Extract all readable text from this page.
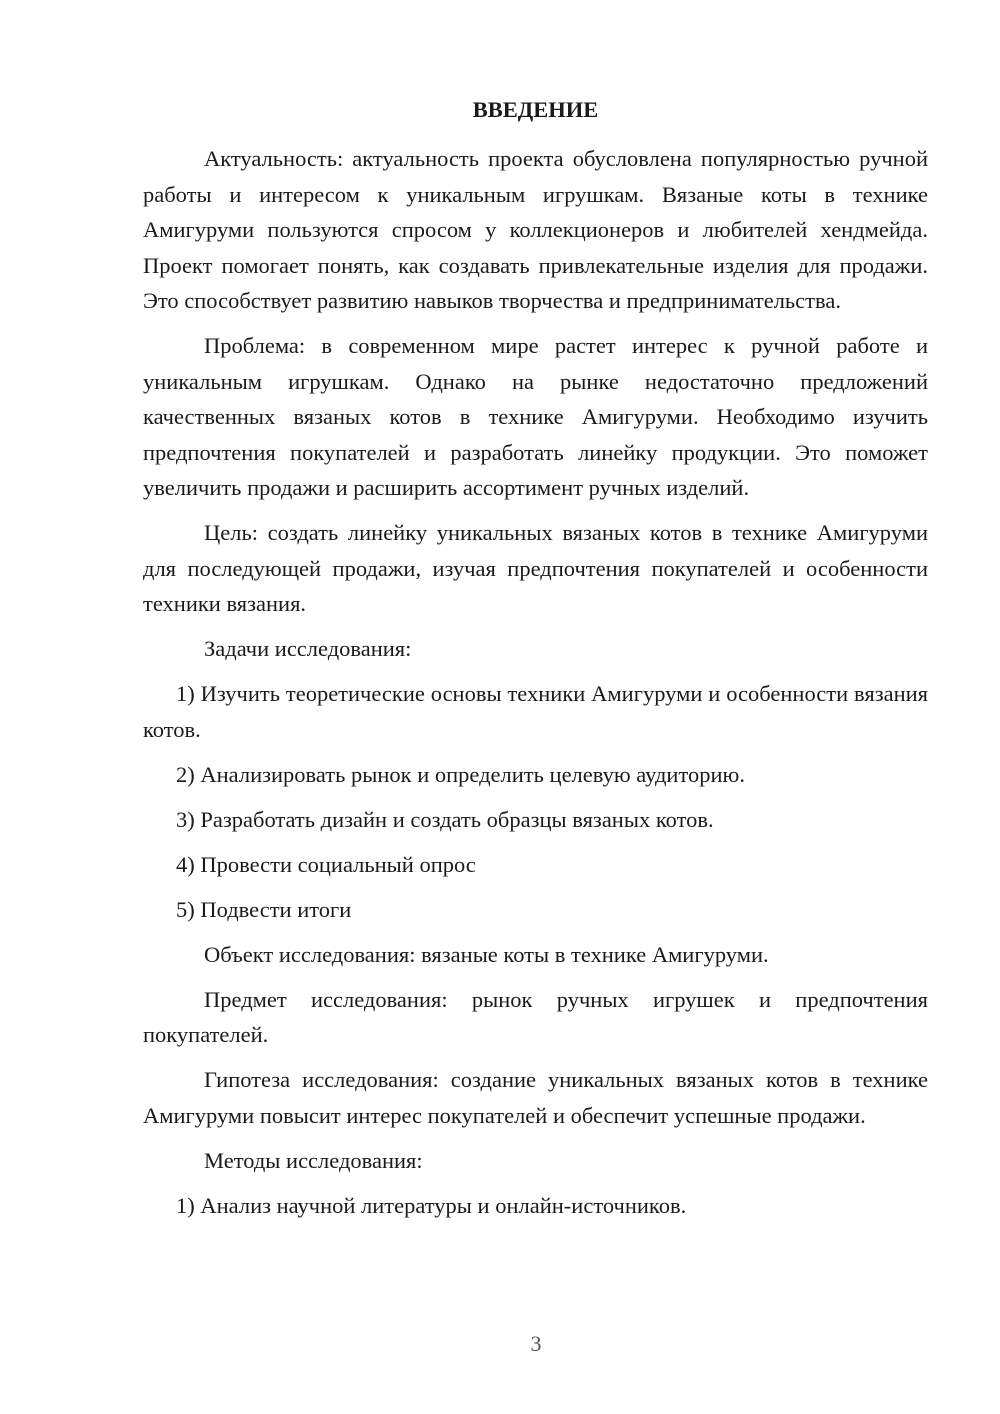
ВВЕДЕНИЕ

Актуальность: актуальность проекта обусловлена популярностью ручной работы и интересом к уникальным игрушкам. Вязаные коты в технике Амигуруми пользуются спросом у коллекционеров и любителей хендмейда. Проект помогает понять, как создавать привлекательные изделия для продажи. Это способствует развитию навыков творчества и предпринимательства.

Проблема: в современном мире растет интерес к ручной работе и уникальным игрушкам. Однако на рынке недостаточно предложений качественных вязаных котов в технике Амигуруми. Необходимо изучить предпочтения покупателей и разработать линейку продукции. Это поможет увеличить продажи и расширить ассортимент ручных изделий.

Цель: создать линейку уникальных вязаных котов в технике Амигуруми для последующей продажи, изучая предпочтения покупателей и особенности техники вязания.

Задачи исследования:

1) Изучить теоретические основы техники Амигуруми и особенности вязания котов.

2) Анализировать рынок и определить целевую аудиторию.

3) Разработать дизайн и создать образцы вязаных котов.

4) Провести социальный опрос

5) Подвести итоги

Объект исследования: вязаные коты в технике Амигуруми.

Предмет исследования: рынок ручных игрушек и предпочтения покупателей.

Гипотеза исследования: создание уникальных вязаных котов в технике Амигуруми повысит интерес покупателей и обеспечит успешные продажи.

Методы исследования:

1) Анализ научной литературы и онлайн-источников.

3
